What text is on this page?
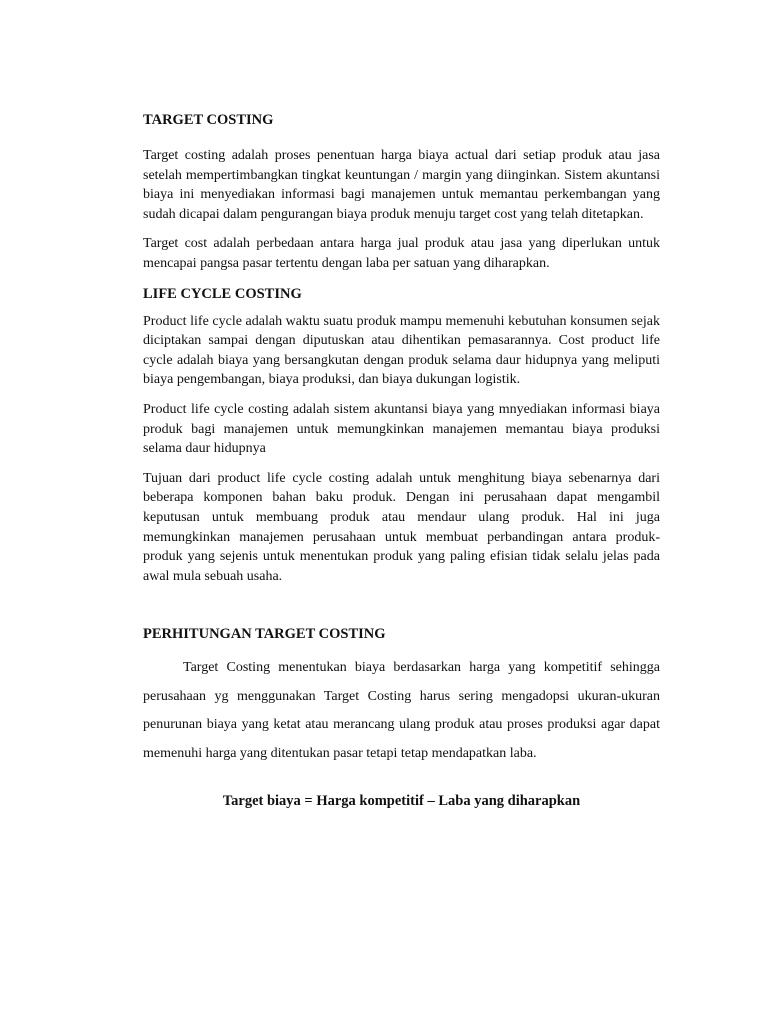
TARGET COSTING

Target costing adalah proses penentuan harga biaya actual dari setiap produk atau jasa setelah mempertimbangkan tingkat keuntungan / margin yang diinginkan. Sistem akuntansi biaya ini menyediakan informasi bagi manajemen untuk memantau perkembangan yang sudah dicapai dalam pengurangan biaya produk menuju target cost yang telah ditetapkan.

Target cost adalah perbedaan antara harga jual produk atau jasa yang diperlukan untuk mencapai pangsa pasar tertentu dengan laba per satuan yang diharapkan.

LIFE CYCLE COSTING

Product life cycle adalah waktu suatu produk mampu memenuhi kebutuhan konsumen sejak diciptakan sampai dengan diputuskan atau dihentikan pemasarannya. Cost product life cycle adalah biaya yang bersangkutan dengan produk selama daur hidupnya yang meliputi biaya pengembangan, biaya produksi, dan biaya dukungan logistik.

Product life cycle costing adalah sistem akuntansi biaya yang mnyediakan informasi biaya produk bagi manajemen untuk memungkinkan manajemen memantau biaya produksi selama daur hidupnya

Tujuan dari product life cycle costing adalah untuk menghitung biaya sebenarnya dari beberapa komponen bahan baku produk. Dengan ini perusahaan dapat mengambil keputusan untuk membuang produk atau mendaur ulang produk. Hal ini juga memungkinkan manajemen perusahaan untuk membuat perbandingan antara produk-produk yang sejenis untuk menentukan produk yang paling efisian tidak selalu jelas pada awal mula sebuah usaha.

PERHITUNGAN TARGET COSTING

Target Costing menentukan biaya berdasarkan harga yang kompetitif sehingga perusahaan yg menggunakan Target Costing harus sering mengadopsi ukuran-ukuran penurunan biaya yang ketat atau merancang ulang produk atau proses produksi agar dapat memenuhi harga yang ditentukan pasar tetapi tetap mendapatkan laba.

Target biaya = Harga kompetitif – Laba yang diharapkan
